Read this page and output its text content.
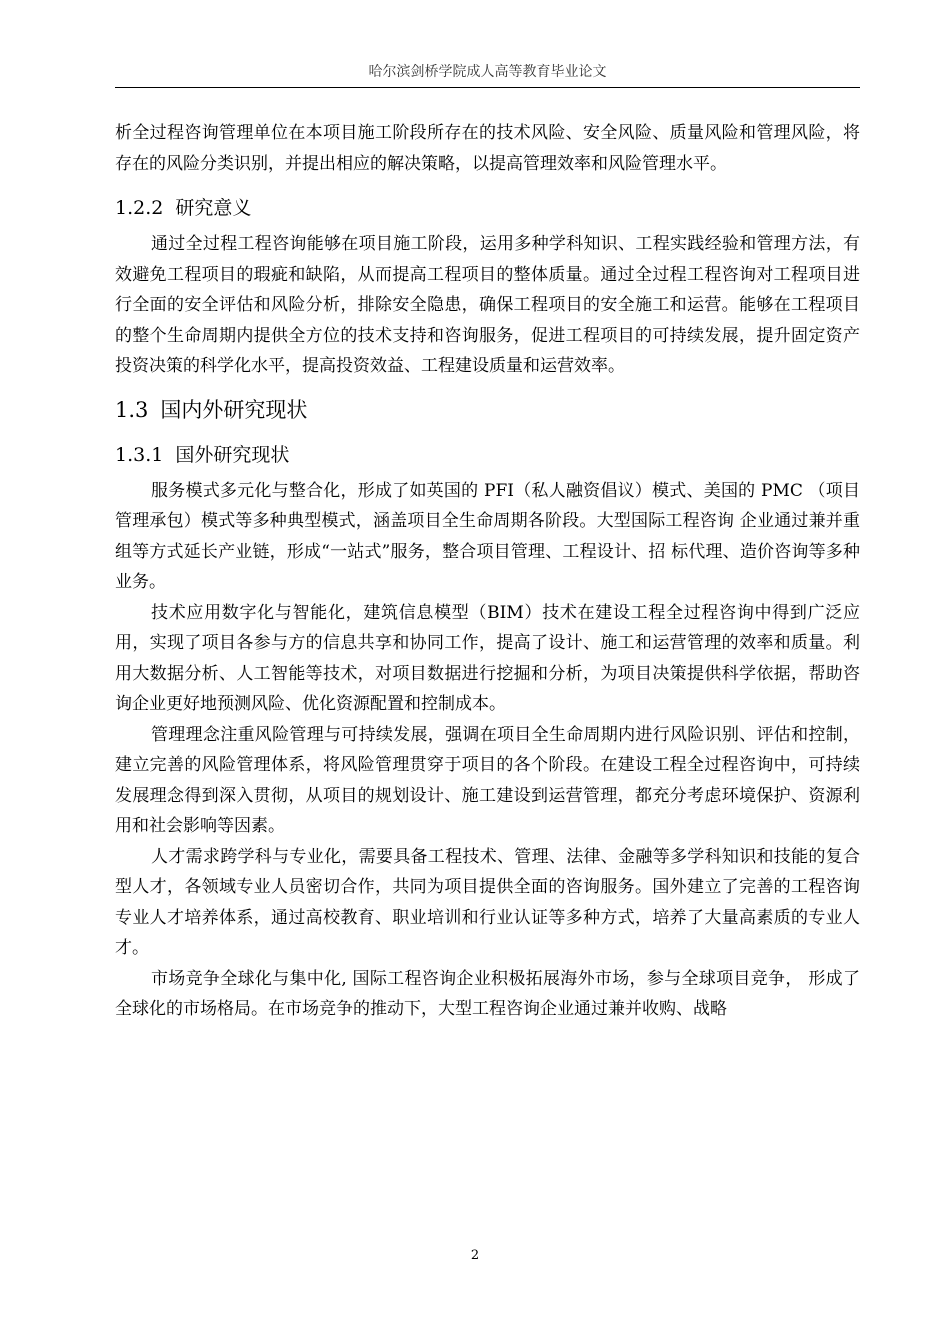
哈尔滨剑桥学院成人高等教育毕业论文

析全过程咨询管理单位在本项目施工阶段所存在的技术风险、安全风险、质量风险和管理风险，将存在的风险分类识别，并提出相应的解决策略，以提高管理效率和风险管理水平。

1.2.2 研究意义

通过全过程工程咨询能够在项目施工阶段，运用多种学科知识、工程实践经验和管理方法，有效避免工程项目的瑕疵和缺陷，从而提高工程项目的整体质量。通过全过程工程咨询对工程项目进行全面的安全评估和风险分析，排除安全隐患，确保工程项目的安全施工和运营。能够在工程项目的整个生命周期内提供全方位的技术支持和咨询服务，促进工程项目的可持续发展，提升固定资产投资决策的科学化水平，提高投资效益、工程建设质量和运营效率。

1.3 国内外研究现状
1.3.1 国外研究现状

服务模式多元化与整合化，形成了如英国的 PFI（私人融资倡议）模式、美国的 PMC （项目管理承包）模式等多种典型模式，涵盖项目全生命周期各阶段。大型国际工程咨询 企业通过兼并重组等方式延长产业链，形成“一站式”服务，整合项目管理、工程设计、招 标代理、造价咨询等多种业务。

技术应用数字化与智能化，建筑信息模型（BIM）技术在建设工程全过程咨询中得到广泛应用，实现了项目各参与方的信息共享和协同工作，提高了设计、施工和运营管理的效率和质量。利用大数据分析、人工智能等技术，对项目数据进行挖掘和分析，为项目决策提供科学依据，帮助咨询企业更好地预测风险、优化资源配置和控制成本。

管理理念注重风险管理与可持续发展，强调在项目全生命周期内进行风险识别、评估和控制，建立完善的风险管理体系，将风险管理贯穿于项目的各个阶段。在建设工程全过程咨询中，可持续发展理念得到深入贯彻，从项目的规划设计、施工建设到运营管理，都充分考虑环境保护、资源利用和社会影响等因素。

人才需求跨学科与专业化，需要具备工程技术、管理、法律、金融等多学科知识和技能的复合型人才，各领域专业人员密切合作，共同为项目提供全面的咨询服务。国外建立了完善的工程咨询专业人才培养体系，通过高校教育、职业培训和行业认证等多种方式，培养了大量高素质的专业人才。

市场竞争全球化与集中化, 国际工程咨询企业积极拓展海外市场，参与全球项目竞争， 形成了全球化的市场格局。在市场竞争的推动下，大型工程咨询企业通过兼并收购、战略

2
